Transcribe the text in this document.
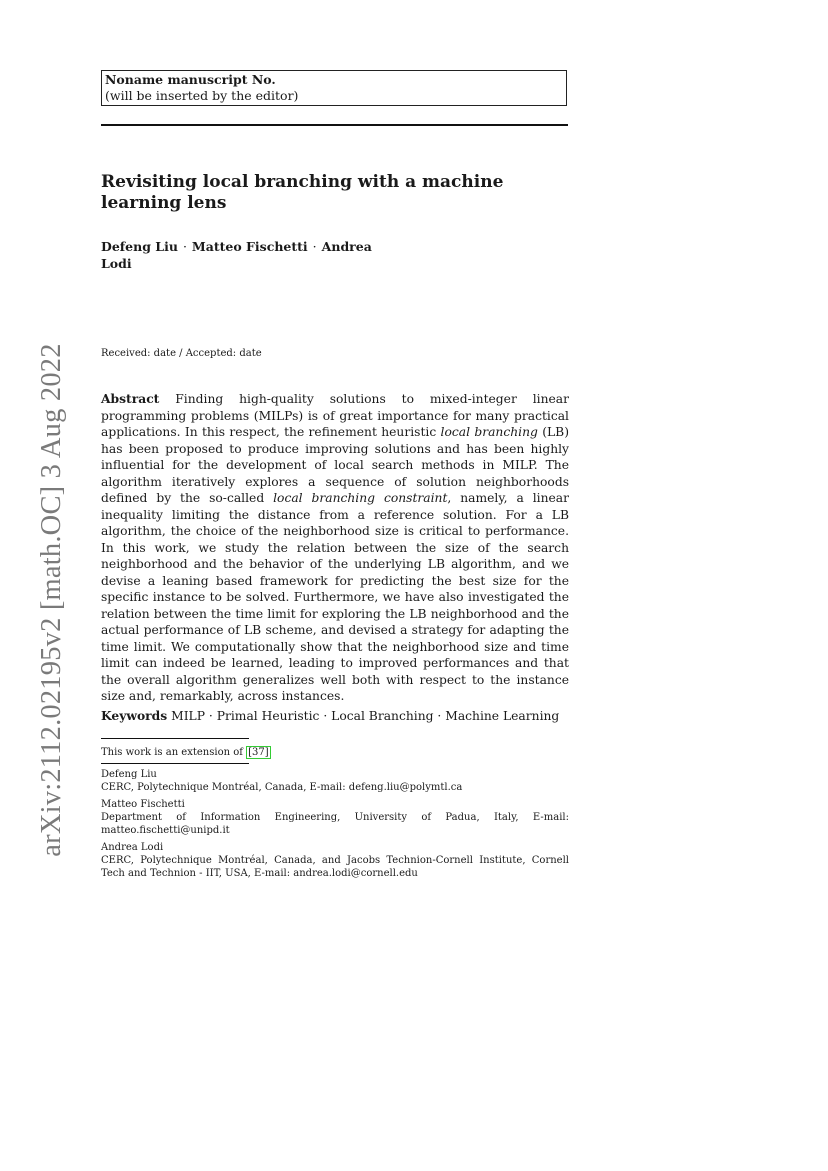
arXiv:2112.02195v2 [math.OC] 3 Aug 2022
Noname manuscript No.
(will be inserted by the editor)
Revisiting local branching with a machine learning lens
Defeng Liu · Matteo Fischetti · Andrea Lodi
Received: date / Accepted: date
Abstract Finding high-quality solutions to mixed-integer linear programming problems (MILPs) is of great importance for many practical applications. In this respect, the refinement heuristic local branching (LB) has been proposed to produce improving solutions and has been highly influential for the development of local search methods in MILP. The algorithm iteratively explores a sequence of solution neighborhoods defined by the so-called local branching constraint, namely, a linear inequality limiting the distance from a reference solution. For a LB algorithm, the choice of the neighborhood size is critical to performance. In this work, we study the relation between the size of the search neighborhood and the behavior of the underlying LB algorithm, and we devise a leaning based framework for predicting the best size for the specific instance to be solved. Furthermore, we have also investigated the relation between the time limit for exploring the LB neighborhood and the actual performance of LB scheme, and devised a strategy for adapting the time limit. We computationally show that the neighborhood size and time limit can indeed be learned, leading to improved performances and that the overall algorithm generalizes well both with respect to the instance size and, remarkably, across instances.
Keywords MILP · Primal Heuristic · Local Branching · Machine Learning
This work is an extension of [37]
Defeng Liu
CERC, Polytechnique Montréal, Canada, E-mail: defeng.liu@polymtl.ca
Matteo Fischetti
Department of Information Engineering, University of Padua, Italy, E-mail: matteo.fischetti@unipd.it
Andrea Lodi
CERC, Polytechnique Montréal, Canada, and Jacobs Technion-Cornell Institute, Cornell Tech and Technion - IIT, USA, E-mail: andrea.lodi@cornell.edu
